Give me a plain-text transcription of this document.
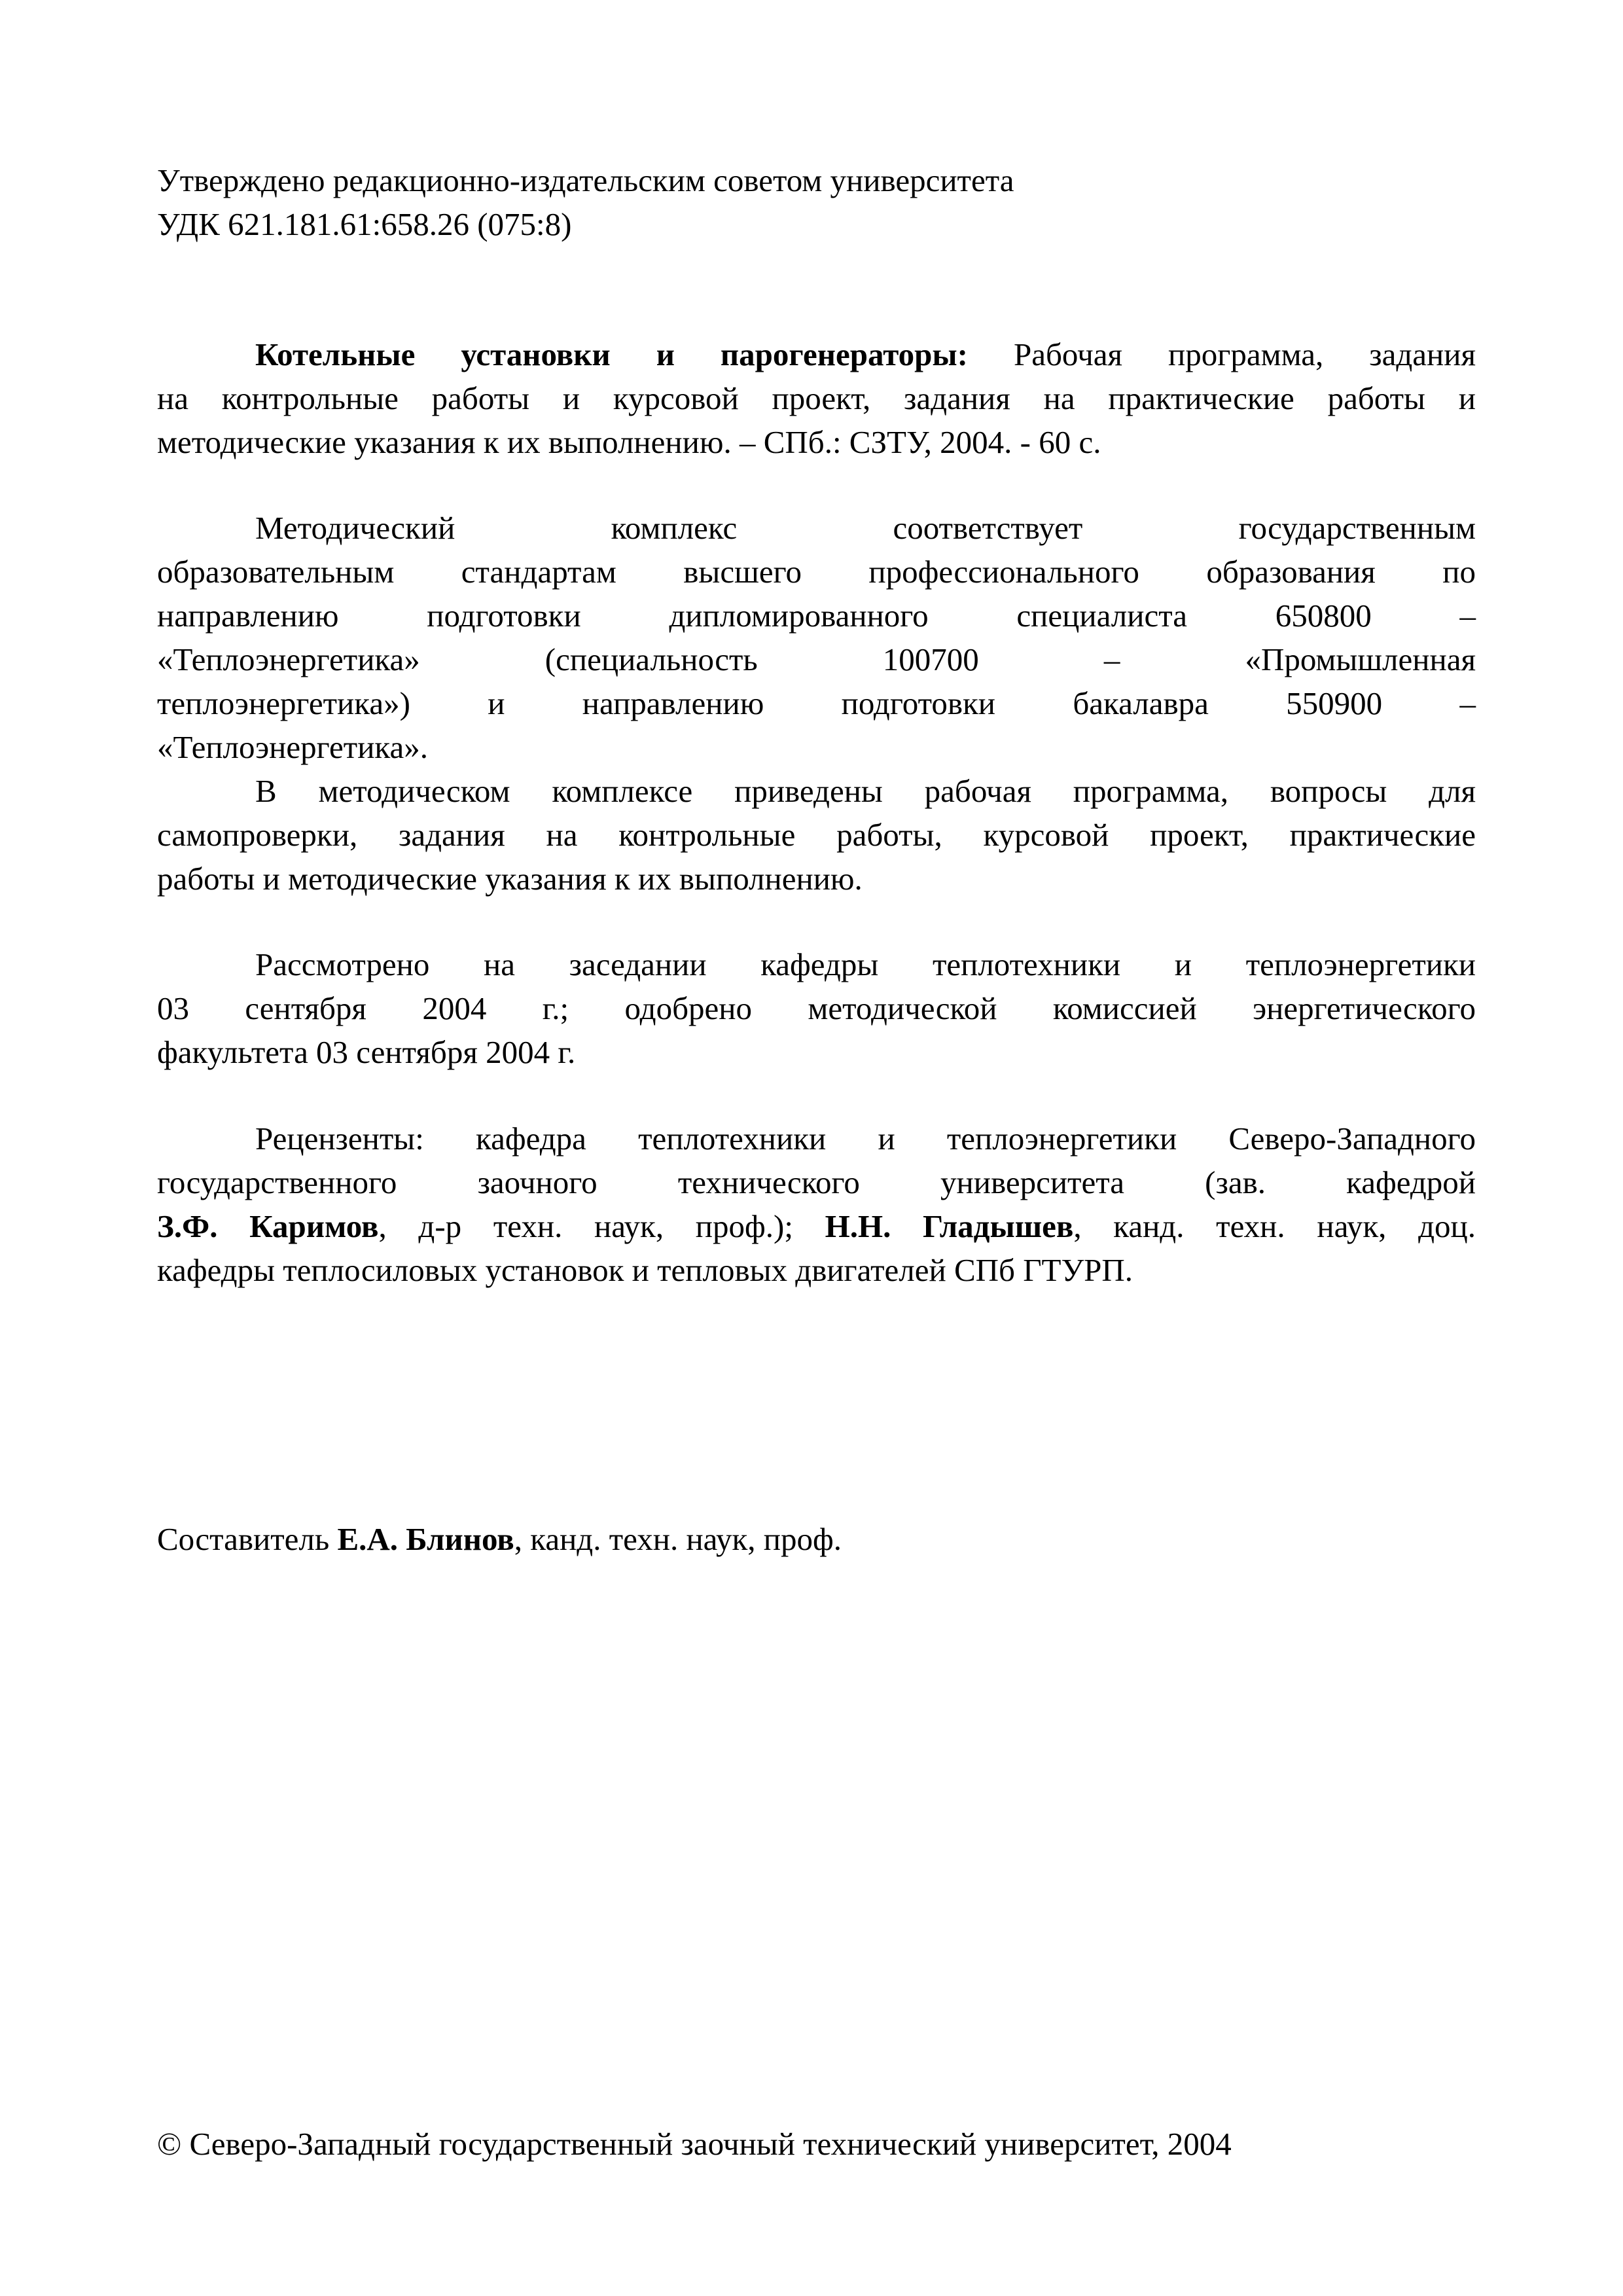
Утверждено редакционно-издательским советом университета
УДК 621.181.61:658.26 (075:8)
Котельные установки и парогенераторы: Рабочая программа, задания
на контрольные работы и курсовой проект, задания на практические работы и
методические указания к их выполнению. – СПб.: СЗТУ, 2004. - 60 с.
Методический комплекс соответствует государственным
образовательным стандартам высшего профессионального образования по
направлению подготовки дипломированного специалиста 650800 –
«Теплоэнергетика» (специальность 100700 – «Промышленная
теплоэнергетика») и направлению подготовки бакалавра 550900 –
«Теплоэнергетика».
В методическом комплексе приведены рабочая программа, вопросы для
самопроверки, задания на контрольные работы, курсовой проект, практические
работы и методические указания к их выполнению.
Рассмотрено на заседании кафедры теплотехники и теплоэнергетики
03 сентября 2004 г.; одобрено методической комиссией энергетического
факультета 03 сентября 2004 г.
Рецензенты: кафедра теплотехники и теплоэнергетики Северо-Западного
государственного заочного технического университета (зав. кафедрой
З.Ф. Каримов, д-р техн. наук, проф.); Н.Н. Гладышев, канд. техн. наук, доц.
кафедры теплосиловых установок и тепловых двигателей СПб ГТУРП.
Составитель Е.А. Блинов, канд. техн. наук, проф.
© Северо-Западный государственный заочный технический университет, 2004
